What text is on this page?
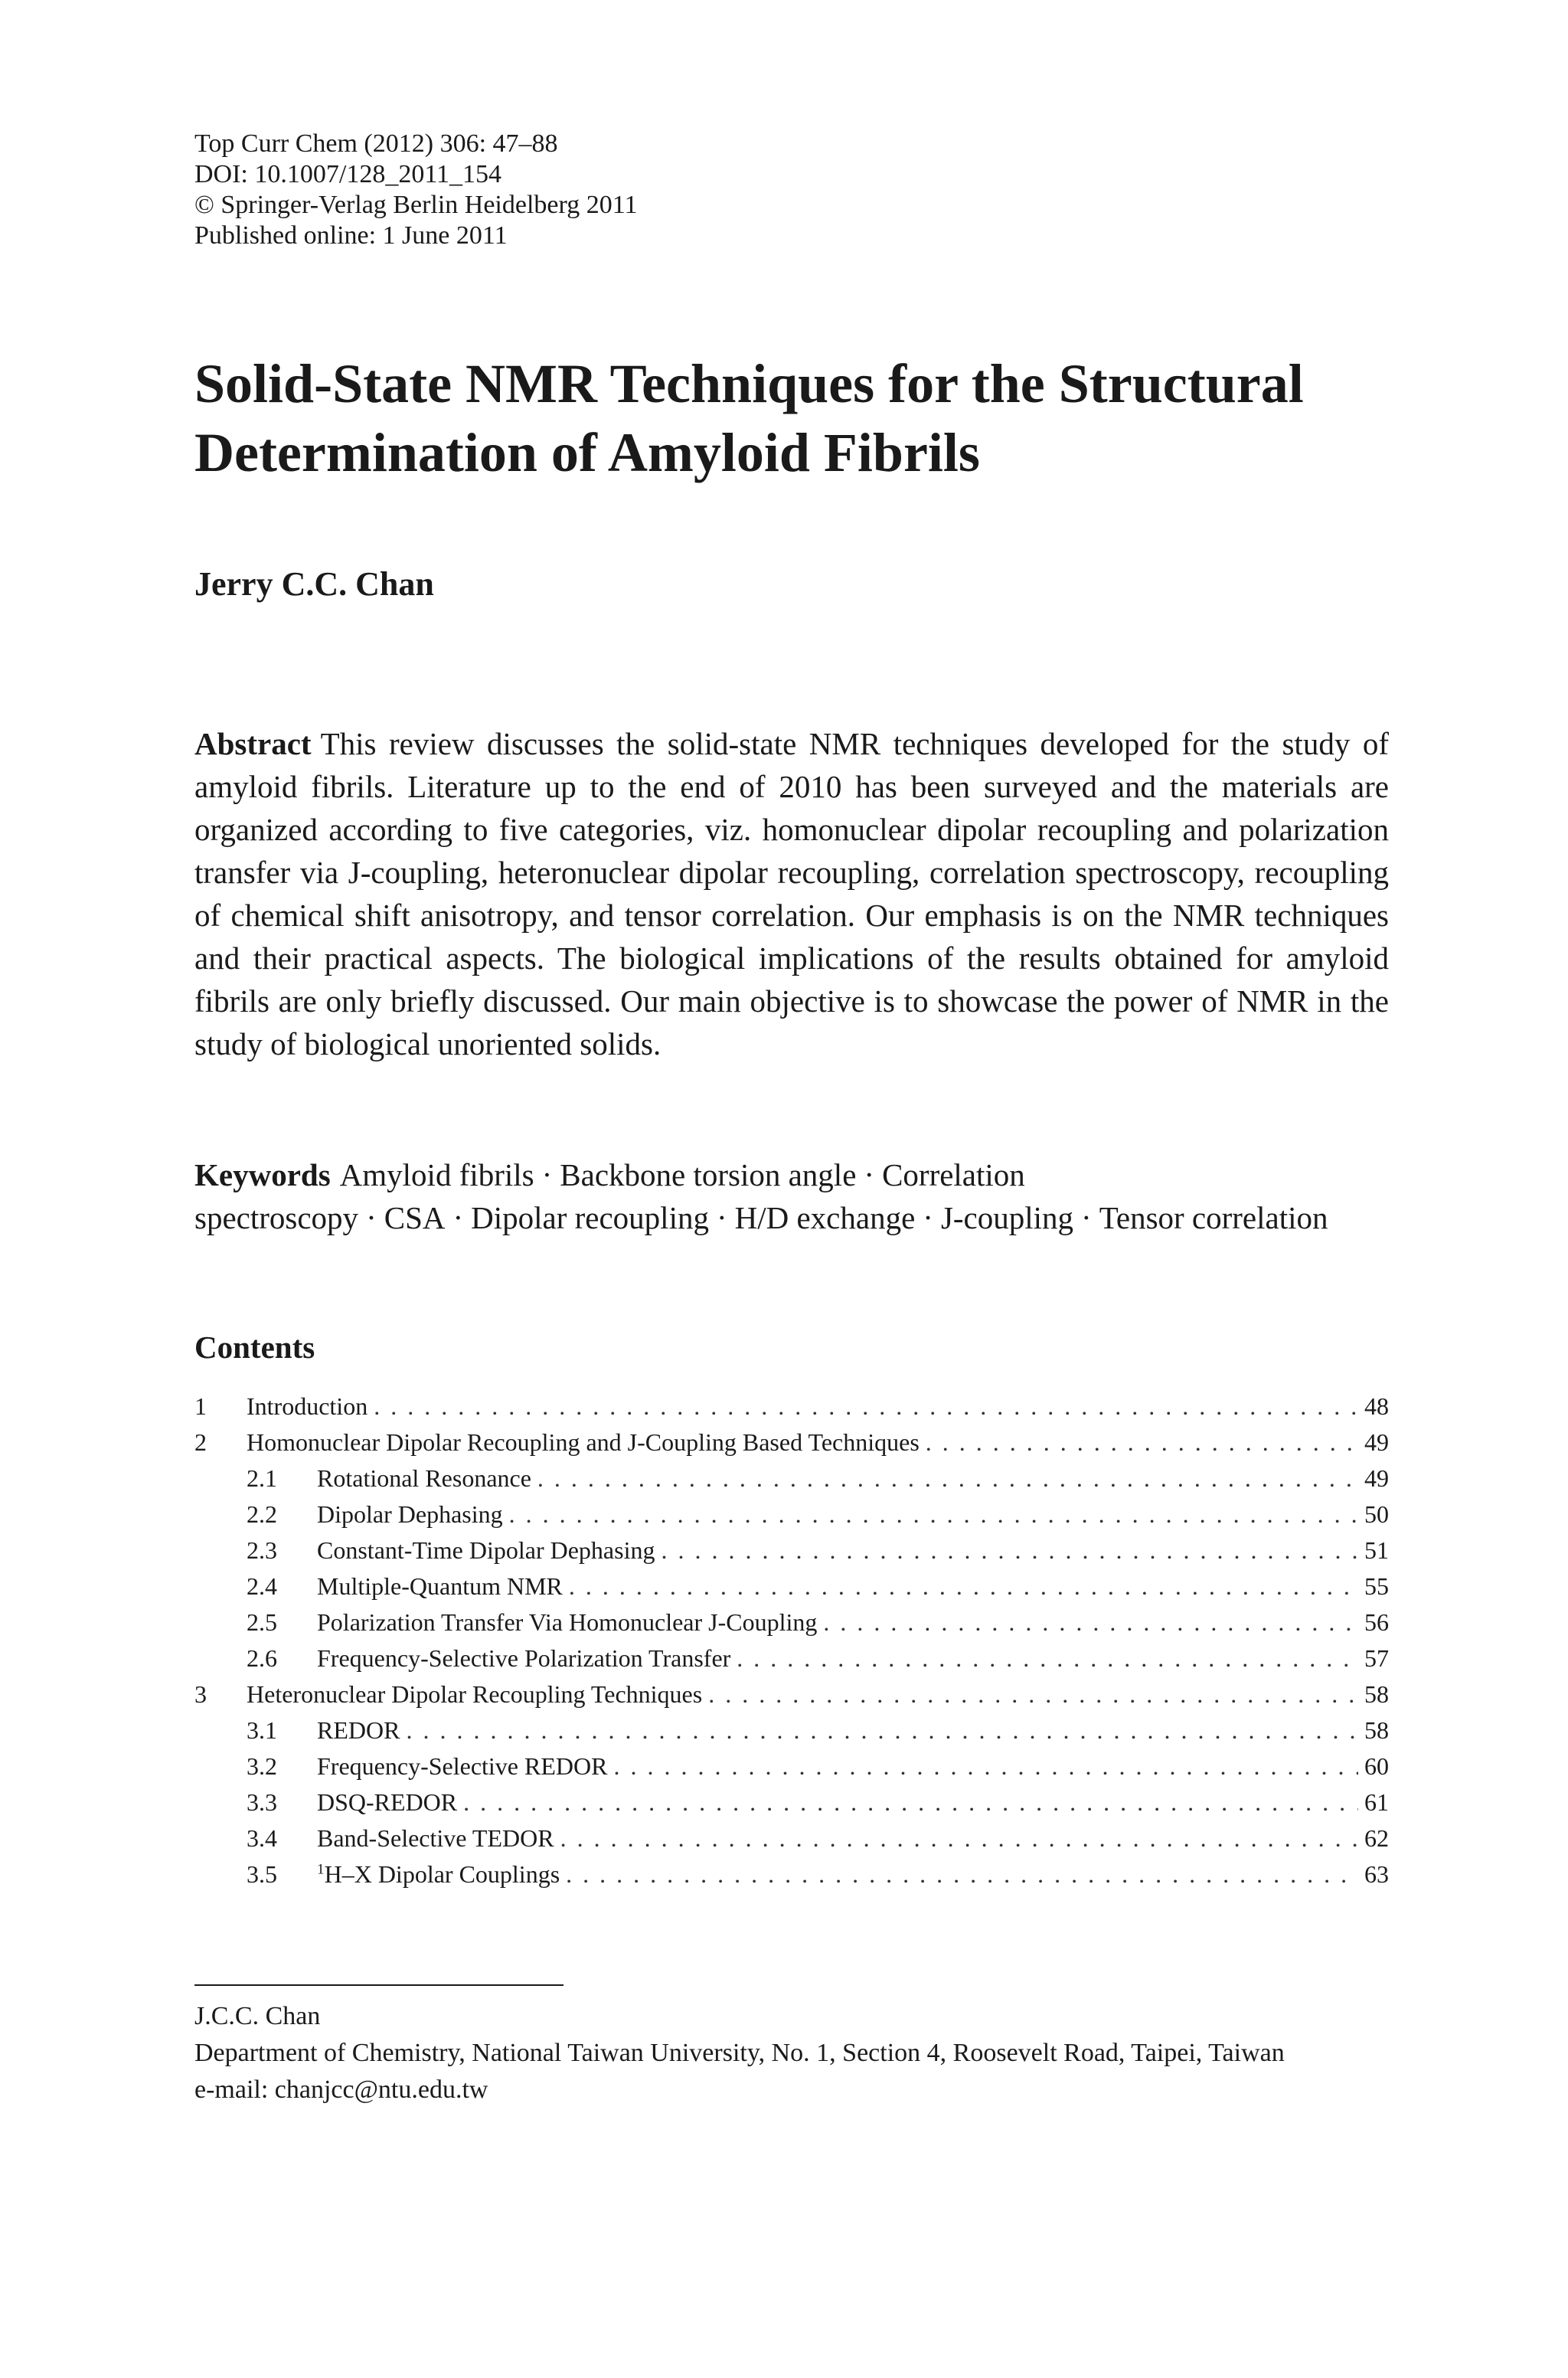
Top Curr Chem (2012) 306: 47–88
DOI: 10.1007/128_2011_154
© Springer-Verlag Berlin Heidelberg 2011
Published online: 1 June 2011
Solid-State NMR Techniques for the Structural Determination of Amyloid Fibrils
Jerry C.C. Chan

Abstract This review discusses the solid-state NMR techniques developed for the study of amyloid fibrils. Literature up to the end of 2010 has been surveyed and the materials are organized according to five categories, viz. homonuclear dipolar recoupling and polarization transfer via J-coupling, heteronuclear dipolar recoupling, correlation spectroscopy, recoupling of chemical shift anisotropy, and tensor correlation. Our emphasis is on the NMR techniques and their practical aspects. The biological implications of the results obtained for amyloid fibrils are only briefly discussed. Our main objective is to showcase the power of NMR in the study of biological unoriented solids.

Keywords Amyloid fibrils · Backbone torsion angle · Correlation spectroscopy · CSA · Dipolar recoupling · H/D exchange · J-coupling · Tensor correlation

Contents
1	Introduction . . .	48
2	Homonuclear Dipolar Recoupling and J-Coupling Based Techniques . . .	49
2.1	Rotational Resonance . . .	49
2.2	Dipolar Dephasing . . .	50
2.3	Constant-Time Dipolar Dephasing . . .	51
2.4	Multiple-Quantum NMR . . .	55
2.5	Polarization Transfer Via Homonuclear J-Coupling . . .	56
2.6	Frequency-Selective Polarization Transfer . . .	57
3	Heteronuclear Dipolar Recoupling Techniques . . .	58
3.1	REDOR . . .	58
3.2	Frequency-Selective REDOR . . .	60
3.3	DSQ-REDOR . . .	61
3.4	Band-Selective TEDOR . . .	62
3.5	$^1$H–X Dipolar Couplings . . .	63
J.C.C. Chan
Department of Chemistry, National Taiwan University, No. 1, Section 4, Roosevelt Road, Taipei, Taiwan
e-mail: chanjcc@ntu.edu.tw
